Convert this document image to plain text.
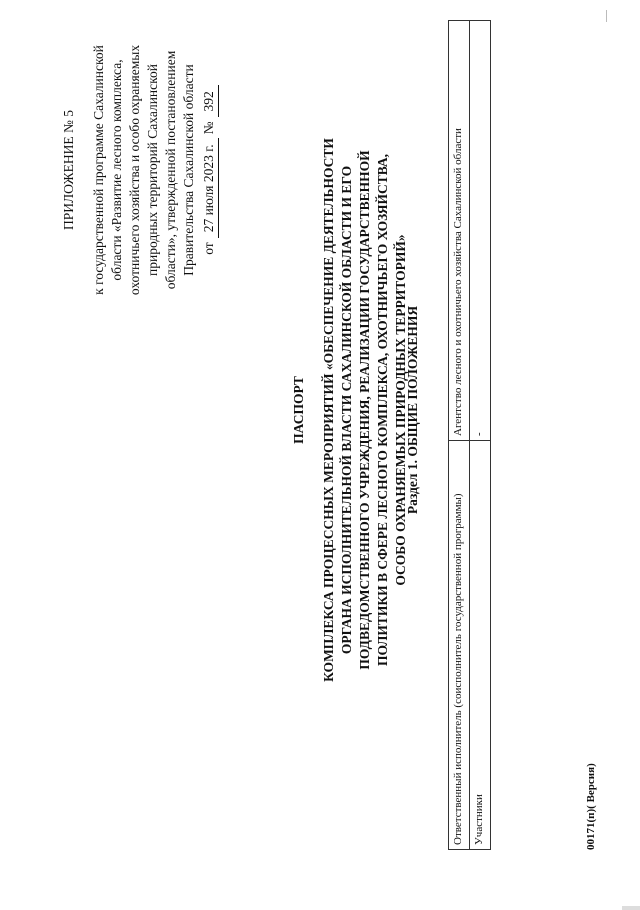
ПРИЛОЖЕНИЕ № 5 к государственной программе Сахалинской области «Развитие лесного комплекса, охотничьего хозяйства и особо охраняемых природных территорий Сахалинской области», утвержденной постановлением Правительства Сахалинской области от
27 июля 2023 г.
№
392
ПАСПОРТ КОМПЛЕКСА ПРОЦЕССНЫХ МЕРОПРИЯТИЙ «ОБЕСПЕЧЕНИЕ ДЕЯТЕЛЬНОСТИ ОРГАНА ИСПОЛНИТЕЛЬНОЙ ВЛАСТИ САХАЛИНСКОЙ ОБЛАСТИ И ЕГО ПОДВЕДОМСТВЕННОГО УЧРЕЖДЕНИЯ, РЕАЛИЗАЦИИ ГОСУДАРСТВЕННОЙ ПОЛИТИКИ В СФЕРЕ ЛЕСНОГО КОМПЛЕКСА, ОХОТНИЧЬЕГО ХОЗЯЙСТВА, ОСОБО ОХРАНЯЕМЫХ ПРИРОДНЫХ ТЕРРИТОРИЙ»
Раздел 1. ОБЩИЕ ПОЛОЖЕНИЯ
Ответственный исполнитель (соисполнитель государственной программы)	Агентство лесного и охотничьего хозяйства Сахалинской области
Участники	-
00171(п)( Версия)
